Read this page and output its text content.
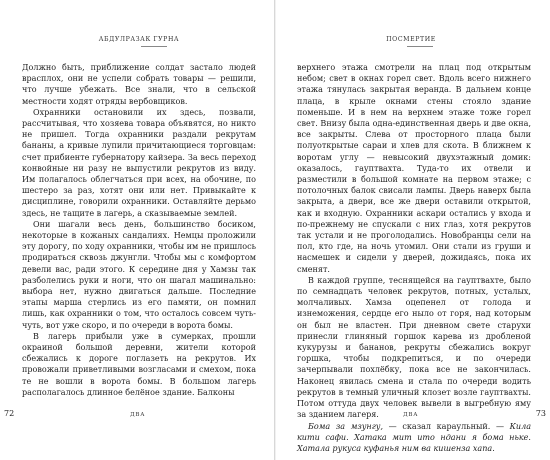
АБДУЛРАЗАК ГУРНА

Должно быть, приближение солдат застало людей врасплох, они не успели собрать товары — решили, что лучше убежать. Все знали, что в сельской местности ходят отряды вербовщиков.

Охранники остановили их здесь, позвали, рассчитывая, что хозяева товара объявятся, но никто не пришел. Тогда охранники раздали рекрутам бананы, а кривые лупили причитающиеся торговцам: счет прибиенте губернатору кайзера. За весь переход конвойные ни разу не выпустили рекрутов из виду. Им полагалось облегчаться при всех, на обочине, по шестеро за раз, хотят они или нет. Привыкайте к дисциплине, говорили охранники. Оставляйте дерьмо здесь, не тащите в лагерь, а сказываемые землей.

Они шагали весь день, большинство босиком, некоторые в кожаных сандалиях. Немцы проложили эту дорогу, по ходу охранники, чтобы им не пришлось продираться сквозь джунгли. Чтобы мы с комфортом девели вас, ради этого. К середине дня у Хамзы так разболелись руки и ноги, что он шагал машинально: выбора нет, нужно двигаться дальше. Последние этапы марша стерлись из его памяти, он помнил лишь, как охранники о том, что осталось совсем чуть-чуть, вот уже скоро, и по очереди в ворота бомы.

В лагерь прибыли уже в сумерках, прошли окраиной большой деревни, жители которой сбежались к дороге поглазеть на рекрутов. Их провожали приветливыми возгласами и смехом, пока те не вошли в ворота бомы. В большом лагерь располагалось длинное белёное здание. Балконы

72	ДВА
ПОСМЕРТИЕ

верхнего этажа смотрели на плац под открытым небом; свет в окнах горел свет. Вдоль всего нижнего этажа тянулась закрытая веранда. В дальнем конце плаца, в крыле окнами стены стояло здание поменьше. И в нем на верхнем этаже тоже горел свет. Внизу была одна-единственная дверь и две окна, все закрыты. Слева от просторного плаца были полуоткрытые сараи и хлев для скота. В ближнем к воротам углу — невысокий двухэтажный домик: оказалось, гауптвахта. Туда-то их отвели и разместили в большой комнате на первом этаже; с потолочных балок свисали лампы. Дверь наверх была закрыта, а двери, все же двери оставили открытой, как и входную. Охранники аскари остались у входа и по-прежнему не спускали с них глаз, хотя рекрутов так устали и не проголодались. Новобранцы сели на пол, кто где, на ночь утомил. Они стали из груши и насмешек и сидели у дверей, дожидаясь, пока их сменят.

В каждой группе, теснящейся на гауптвахте, было по семнадцать человек рекрутов, потных, усталых, молчаливых. Хамза оцепенел от голода и изнеможения, сердце его ныло от горя, над которым он был не властен. При дневном свете старухи принесли глиняный горшок карева из дробленой кукурузы и бананов, рекруты сбежались вокруг горшка, чтобы подкрепиться, и по очереди зачерпывали похлёбку, пока все не закончилась. Наконец явилась смена и стала по очереди водить рекрутов в темный уличный клозет возле гауптвахты. Потом оттуда двух человек вывели в выгребную яму за зданием лагеря.

Бома за мзунгу, — сказал караульный. — Кила китu сафи. Хатака мит ито ндани я бома ньке. Хатала рукуса куфанья ним ва кишенза хапа.

73
ДВА
